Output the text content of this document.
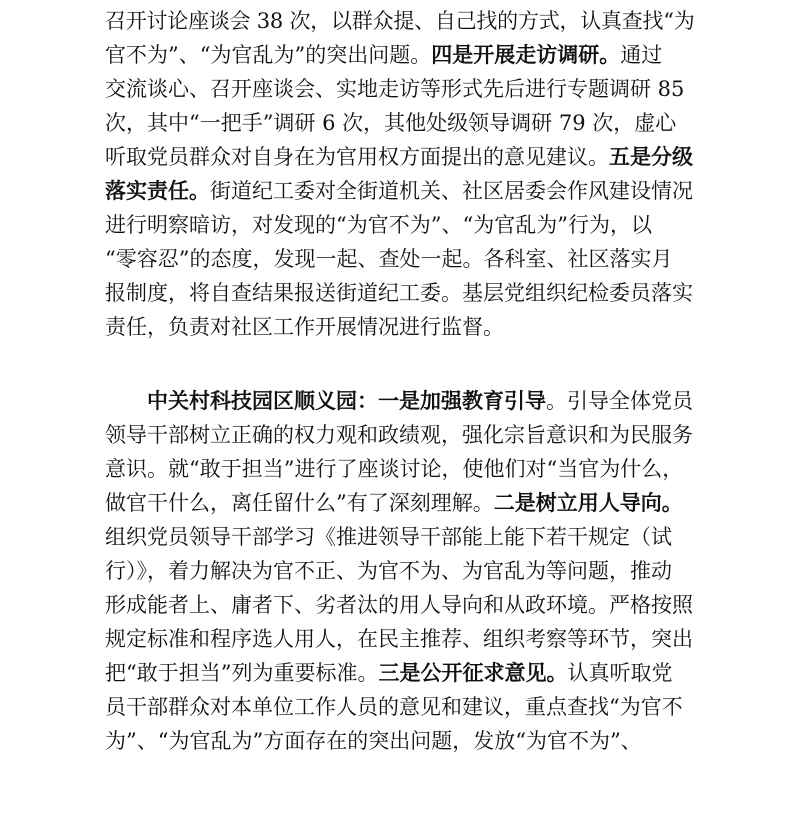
召开讨论座谈会 38 次，以群众提、自己找的方式，认真查找“为
官不为”、“为官乱为”的突出问题。四是开展走访调研。通过
交流谈心、召开座谈会、实地走访等形式先后进行专题调研 85
次，其中“一把手”调研 6 次，其他处级领导调研 79 次，虚心
听取党员群众对自身在为官用权方面提出的意见建议。五是分级
落实责任。街道纪工委对全街道机关、社区居委会作风建设情况
进行明察暗访，对发现的“为官不为”、“为官乱为”行为，以
“零容忍”的态度，发现一起、查处一起。各科室、社区落实月
报制度，将自查结果报送街道纪工委。基层党组织纪检委员落实
责任，负责对社区工作开展情况进行监督。
中关村科技园区顺义园：一是加强教育引导。引导全体党员
领导干部树立正确的权力观和政绩观，强化宗旨意识和为民服务
意识。就“敢于担当”进行了座谈讨论，使他们对“当官为什么，
做官干什么，离任留什么”有了深刻理解。二是树立用人导向。
组织党员领导干部学习《推进领导干部能上能下若干规定（试
行）》，着力解决为官不正、为官不为、为官乱为等问题，推动
形成能者上、庸者下、劣者汰的用人导向和从政环境。严格按照
规定标准和程序选人用人，在民主推荐、组织考察等环节，突出
把“敢于担当”列为重要标准。三是公开征求意见。认真听取党
员干部群众对本单位工作人员的意见和建议，重点查找“为官不
为”、“为官乱为”方面存在的突出问题，发放“为官不为”、
